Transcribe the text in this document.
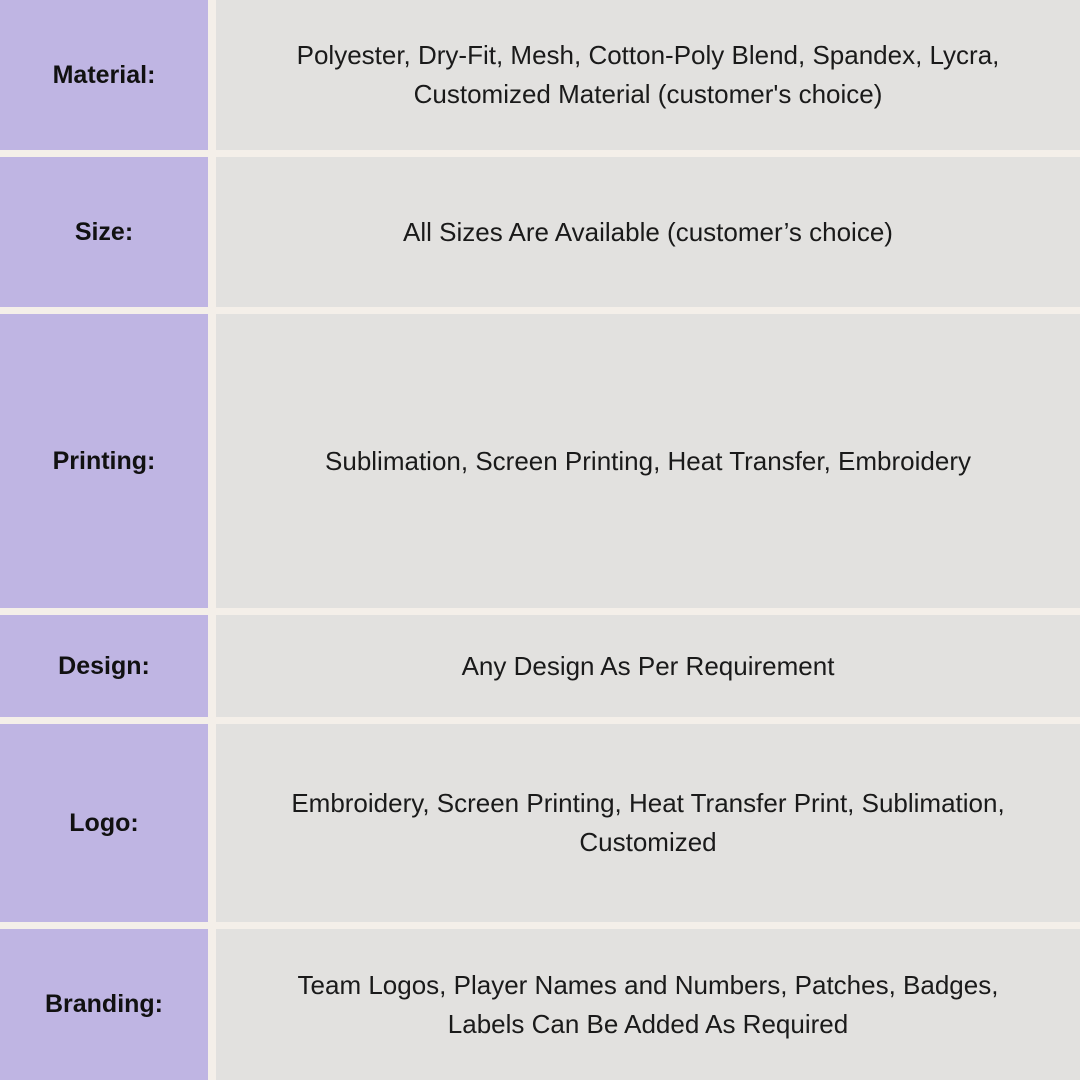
Material:
Polyester, Dry-Fit, Mesh, Cotton-Poly Blend, Spandex, Lycra,
Customized Material (customer's choice)
Size:	All Sizes Are Available (customer’s choice)
Printing:	Sublimation, Screen Printing, Heat Transfer, Embroidery
Design:	Any Design As Per Requirement
Logo:
Embroidery, Screen Printing, Heat Transfer Print, Sublimation,
Customized
Branding:
Team Logos, Player Names and Numbers, Patches, Badges,
Labels Can Be Added As Required
